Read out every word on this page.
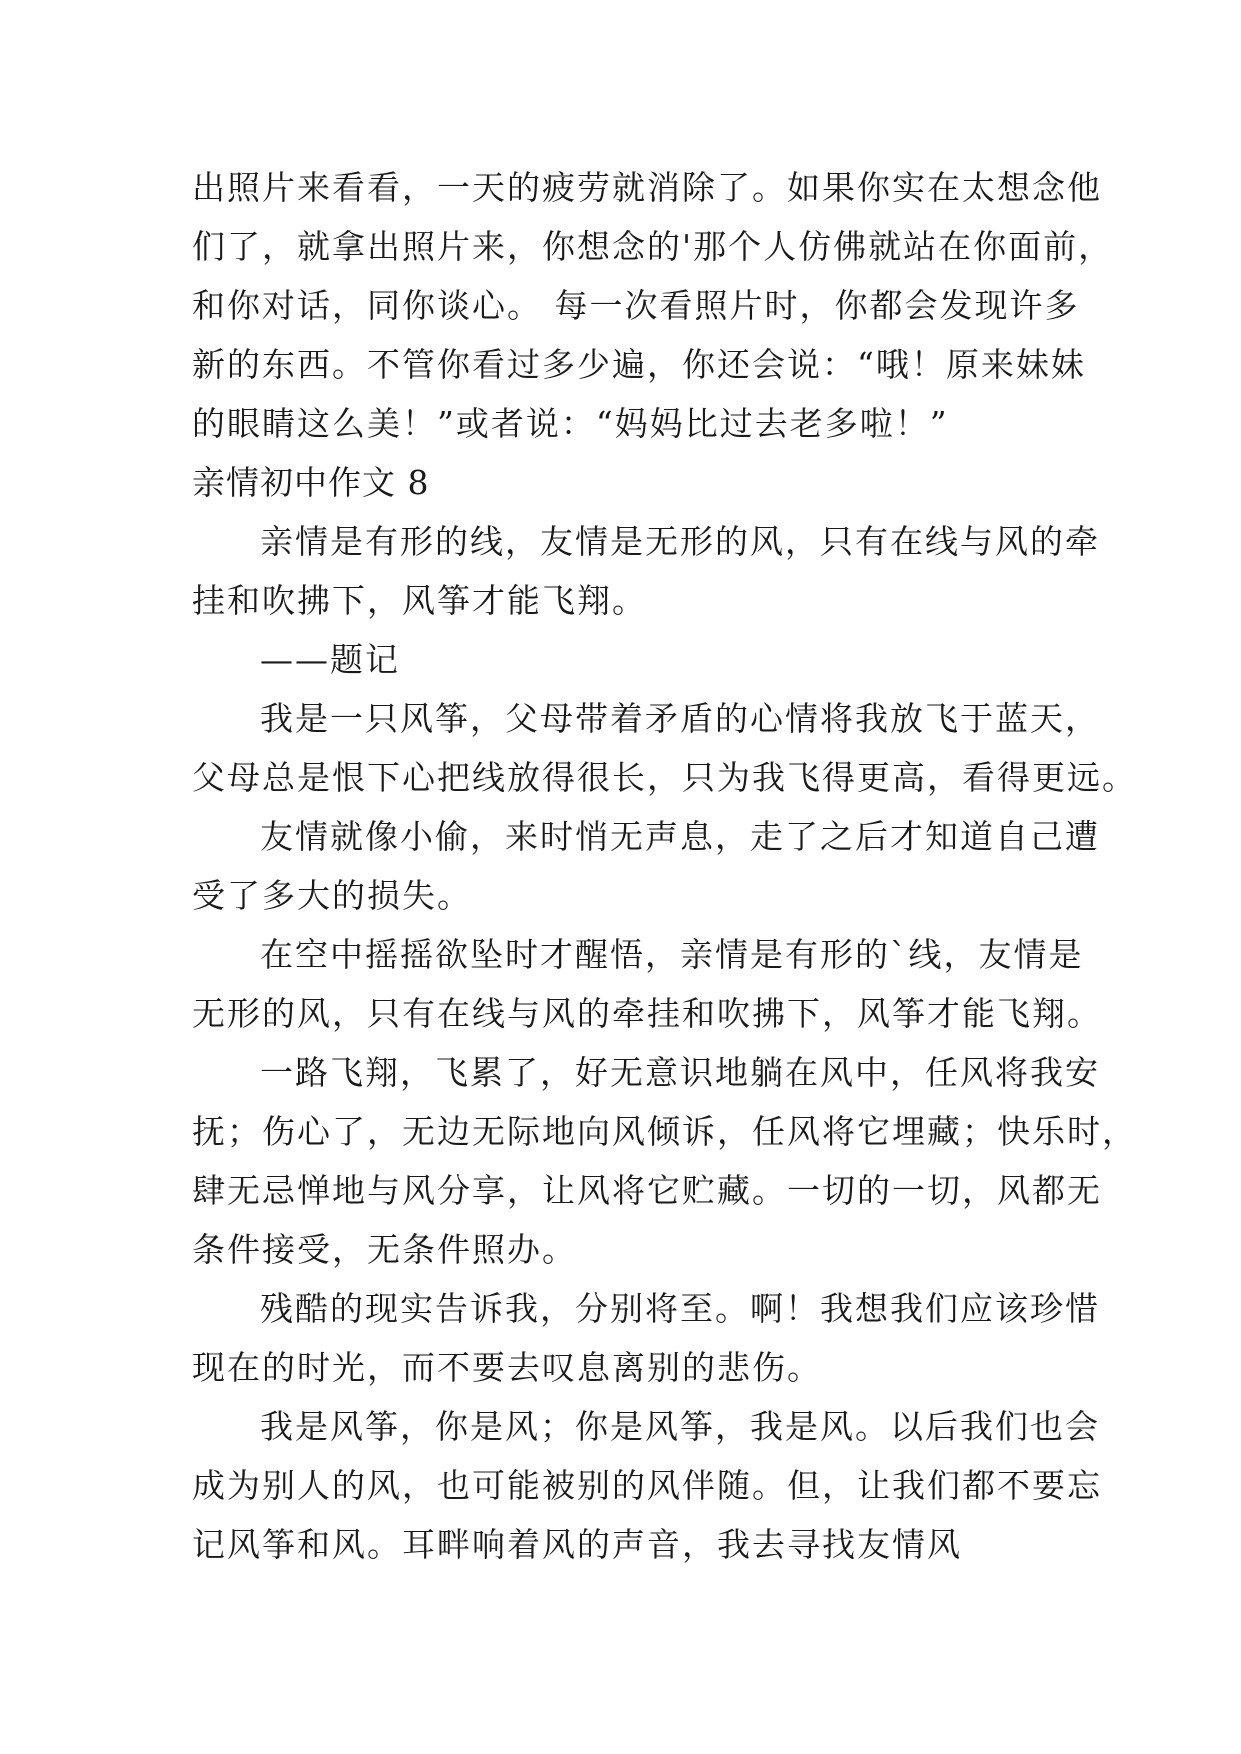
出照片来看看，一天的疲劳就消除了。如果你实在太想念他
们了，就拿出照片来，你想念的'那个人仿佛就站在你面前，
和你对话，同你谈心。 每一次看照片时，你都会发现许多
新的东西。不管你看过多少遍，你还会说：“哦！原来妹妹
的眼睛这么美！”或者说：“妈妈比过去老多啦！”
亲情初中作文 8
亲情是有形的线，友情是无形的风，只有在线与风的牵
挂和吹拂下，风筝才能飞翔。
——题记
我是一只风筝，父母带着矛盾的心情将我放飞于蓝天，
父母总是恨下心把线放得很长，只为我飞得更高，看得更远。
友情就像小偷，来时悄无声息，走了之后才知道自己遭
受了多大的损失。
在空中摇摇欲坠时才醒悟，亲情是有形的`线，友情是
无形的风，只有在线与风的牵挂和吹拂下，风筝才能飞翔。
一路飞翔，飞累了，好无意识地躺在风中，任风将我安
抚；伤心了，无边无际地向风倾诉，任风将它埋藏；快乐时，
肆无忌惮地与风分享，让风将它贮藏。一切的一切，风都无
条件接受，无条件照办。
残酷的现实告诉我，分别将至。啊！我想我们应该珍惜
现在的时光，而不要去叹息离别的悲伤。
我是风筝，你是风；你是风筝，我是风。以后我们也会
成为别人的风，也可能被别的风伴随。但，让我们都不要忘
记风筝和风。耳畔响着风的声音，我去寻找友情风
